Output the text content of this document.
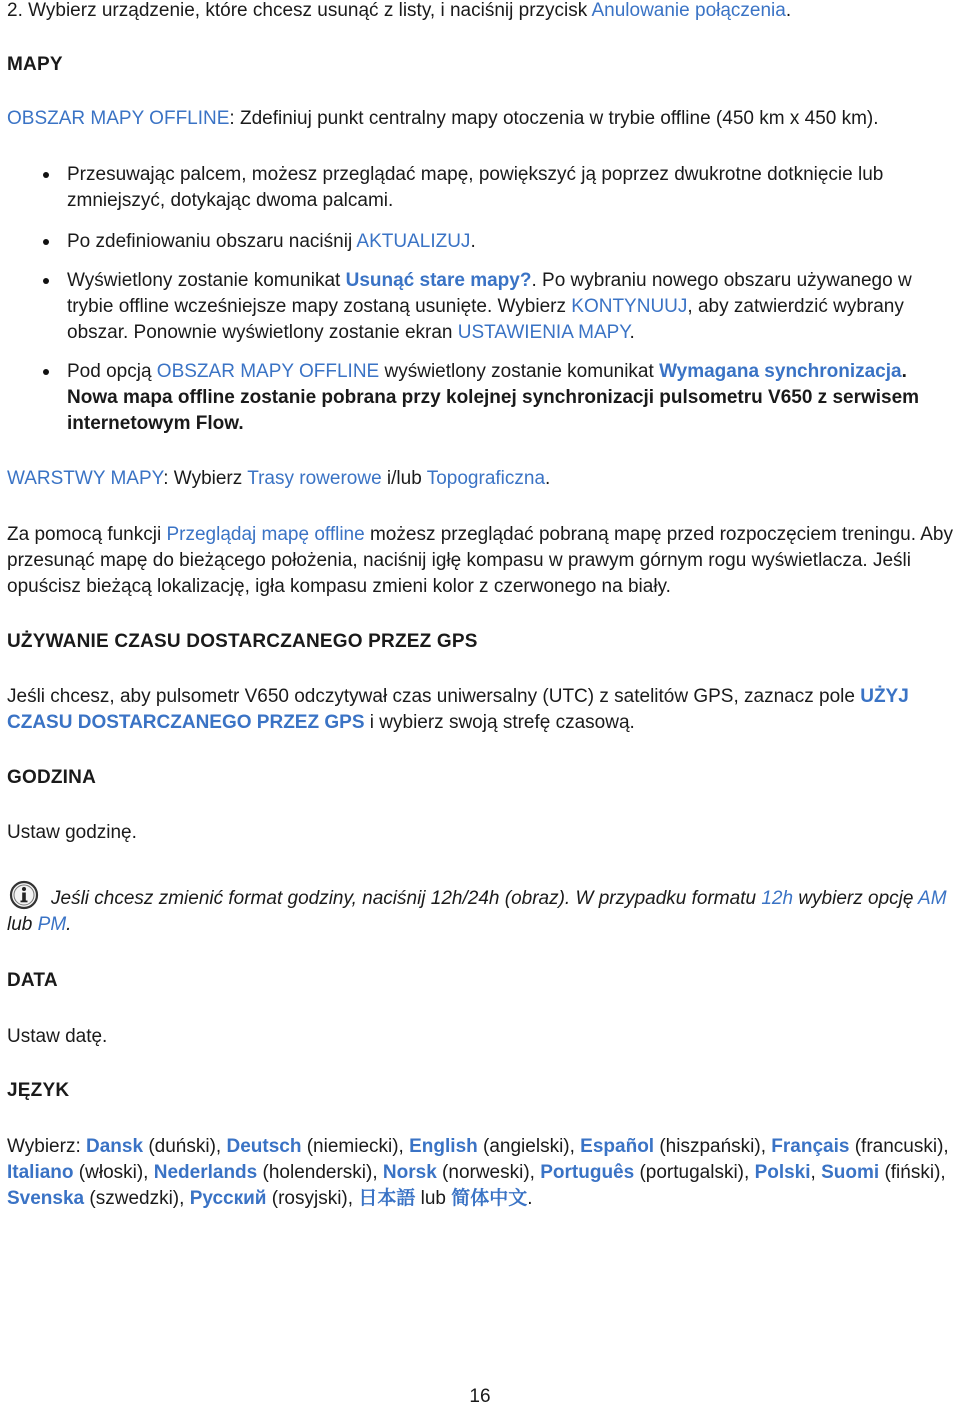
2. Wybierz urządzenie, które chcesz usunąć z listy, i naciśnij przycisk Anulowanie połączenia.

MAPY

OBSZAR MAPY OFFLINE: Zdefiniuj punkt centralny mapy otoczenia w trybie offline (450 km x 450 km).

Przesuwając palcem, możesz przeglądać mapę, powiększyć ją poprzez dwukrotne dotknięcie lub zmniejszyć, dotykając dwoma palcami.
Po zdefiniowaniu obszaru naciśnij AKTUALIZUJ.
Wyświetlony zostanie komunikat Usunąć stare mapy?. Po wybraniu nowego obszaru używanego w trybie offline wcześniejsze mapy zostaną usunięte. Wybierz KONTYNUUJ, aby zatwierdzić wybrany obszar. Ponownie wyświetlony zostanie ekran USTAWIENIA MAPY.
Pod opcją OBSZAR MAPY OFFLINE wyświetlony zostanie komunikat Wymagana synchronizacja. Nowa mapa offline zostanie pobrana przy kolejnej synchronizacji pulsometru V650 z serwisem internetowym Flow.

WARSTWY MAPY: Wybierz Trasy rowerowe i/lub Topograficzna.

Za pomocą funkcji Przeglądaj mapę offline możesz przeglądać pobraną mapę przed rozpoczęciem treningu. Aby przesunąć mapę do bieżącego położenia, naciśnij igłę kompasu w prawym górnym rogu wyświetlacza. Jeśli opuścisz bieżącą lokalizację, igła kompasu zmieni kolor z czerwonego na biały.

UŻYWANIE CZASU DOSTARCZANEGO PRZEZ GPS

Jeśli chcesz, aby pulsometr V650 odczytywał czas uniwersalny (UTC) z satelitów GPS, zaznacz pole UŻYJ CZASU DOSTARCZANEGO PRZEZ GPS i wybierz swoją strefę czasową.

GODZINA

Ustaw godzinę.

Jeśli chcesz zmienić format godziny, naciśnij 12h/24h (obraz). W przypadku formatu 12h wybierz opcję AM lub PM.

DATA

Ustaw datę.

JĘZYK

Wybierz: Dansk (duński), Deutsch (niemiecki), English (angielski), Español (hiszpański), Français (francuski), Italiano (włoski), Nederlands (holenderski), Norsk (norweski), Português (portugalski), Polski, Suomi (fiński), Svenska (szwedzki), Русский (rosyjski), 日本語 lub 简体中文.

16
